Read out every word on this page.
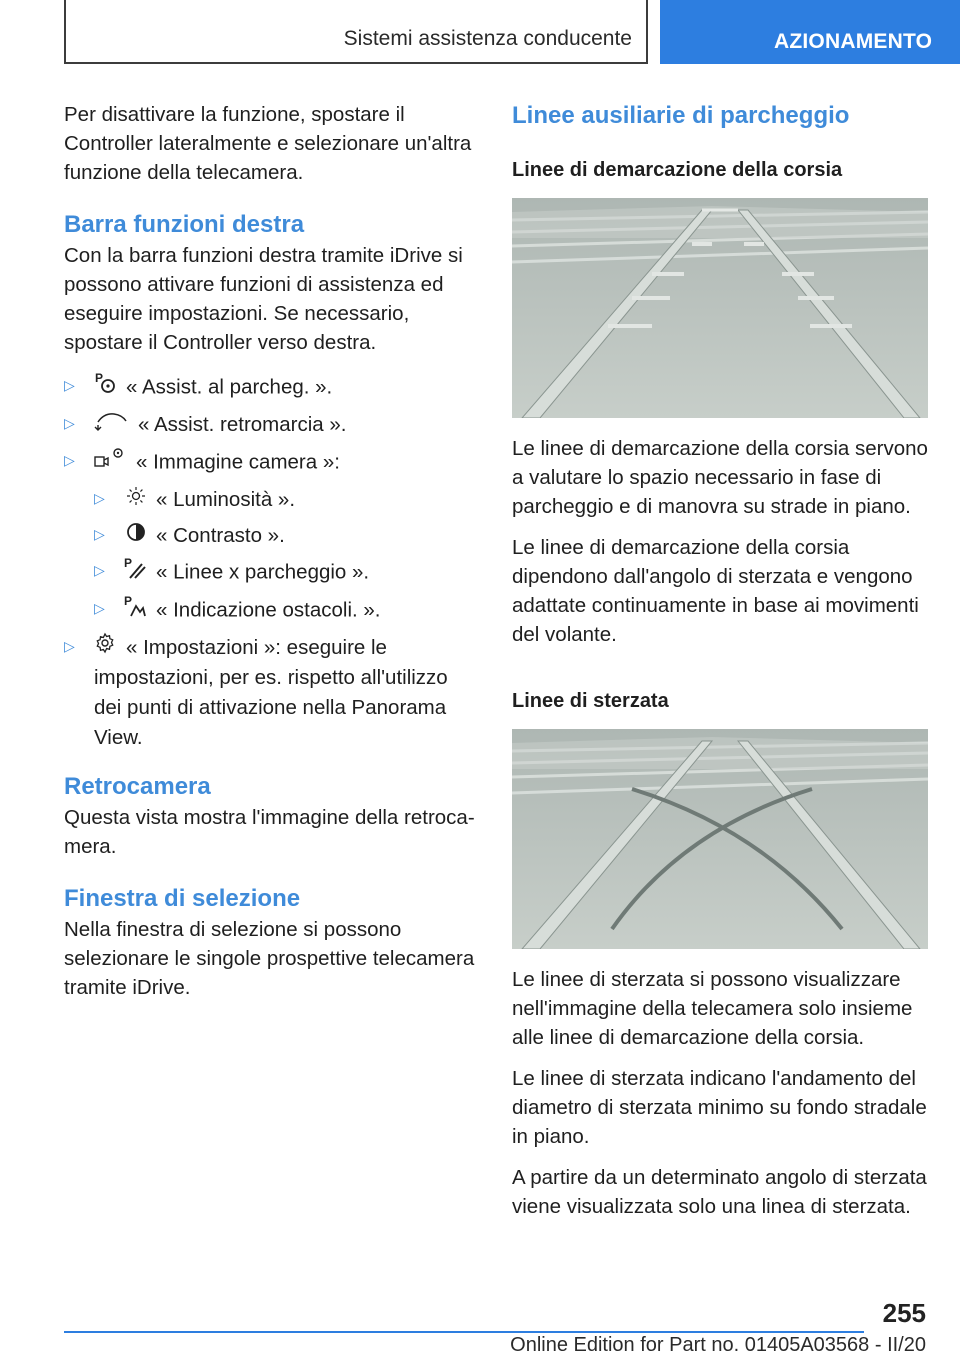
Sistemi assistenza conducente	AZIONAMENTO

Per disattivare la funzione, spostare il Controller lateralmente e selezionare un'altra funzione della telecamera.

Barra funzioni destra

Con la barra funzioni destra tramite iDrive si possono attivare funzioni di assistenza ed eseguire impostazioni. Se necessario, spostare il Controller verso destra.

▷ P « Assist. al parcheg. ».
▷	« Assist. retromarcia ».
▷	« Immagine camera »:
▷ « Luminosità ».
▷ « Contrasto ».
▷ P « Linee x parcheggio ».
▷ P « Indicazione ostacoli. ».
▷ « Impostazioni »: eseguire le impostazioni, per es. rispetto all'utilizzo dei punti di attivazione nella Panorama View.
Retrocamera

Questa vista mostra l'immagine della retrocamera.

Finestra di selezione

Nella finestra di selezione si possono selezionare le singole prospettive telecamera tramite iDrive.

Linee ausiliarie di parcheggio
Linee di demarcazione della corsia

Le linee di demarcazione della corsia servono a valutare lo spazio necessario in fase di parcheggio e di manovra su strade in piano.

Le linee di demarcazione della corsia dipendono dall'angolo di sterzata e vengono adattate continuamente in base ai movimenti del volante.

Linee di sterzata

Le linee di sterzata si possono visualizzare nell'immagine della telecamera solo insieme alle linee di demarcazione della corsia.

Le linee di sterzata indicano l'andamento del diametro di sterzata minimo su fondo stradale in piano.

A partire da un determinato angolo di sterzata viene visualizzata solo una linea di sterzata.

255
Online Edition for Part no. 01405A03568 - II/20
